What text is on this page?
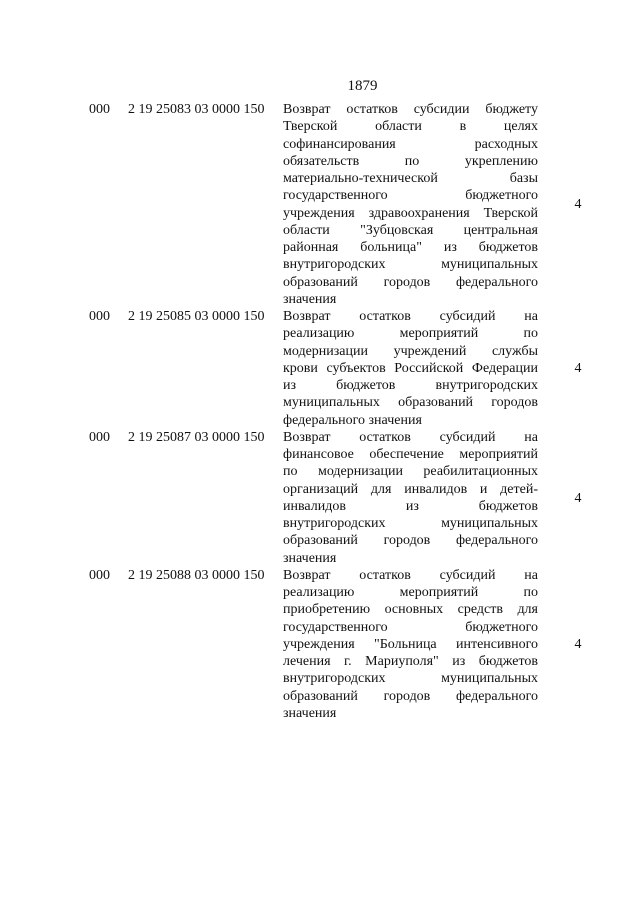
1879
000 2 19 25083 03 0000 150 Возврат остатков субсидии бюджету
Тверской области в целях
софинансирования расходных
обязательств по укреплению
материально-технической базы
государственного бюджетного
учреждения здравоохранения Тверской
области "Зубцовская центральная
районная больница" из бюджетов
внутригородских муниципальных
образований городов федерального
значения
4
000 2 19 25085 03 0000 150 Возврат остатков субсидий на
реализацию мероприятий по
модернизации учреждений службы
крови субъектов Российской Федерации
из бюджетов внутригородских
муниципальных образований городов
федерального значения
4
000 2 19 25087 03 0000 150 Возврат остатков субсидий на
финансовое обеспечение мероприятий
по модернизации реабилитационных
организаций для инвалидов и детей-
инвалидов из бюджетов
внутригородских муниципальных
образований городов федерального
значения
4
000 2 19 25088 03 0000 150 Возврат остатков субсидий на
реализацию мероприятий по
приобретению основных средств для
государственного бюджетного
учреждения "Больница интенсивного
лечения г. Мариуполя" из бюджетов
внутригородских муниципальных
образований городов федерального
значения
4
